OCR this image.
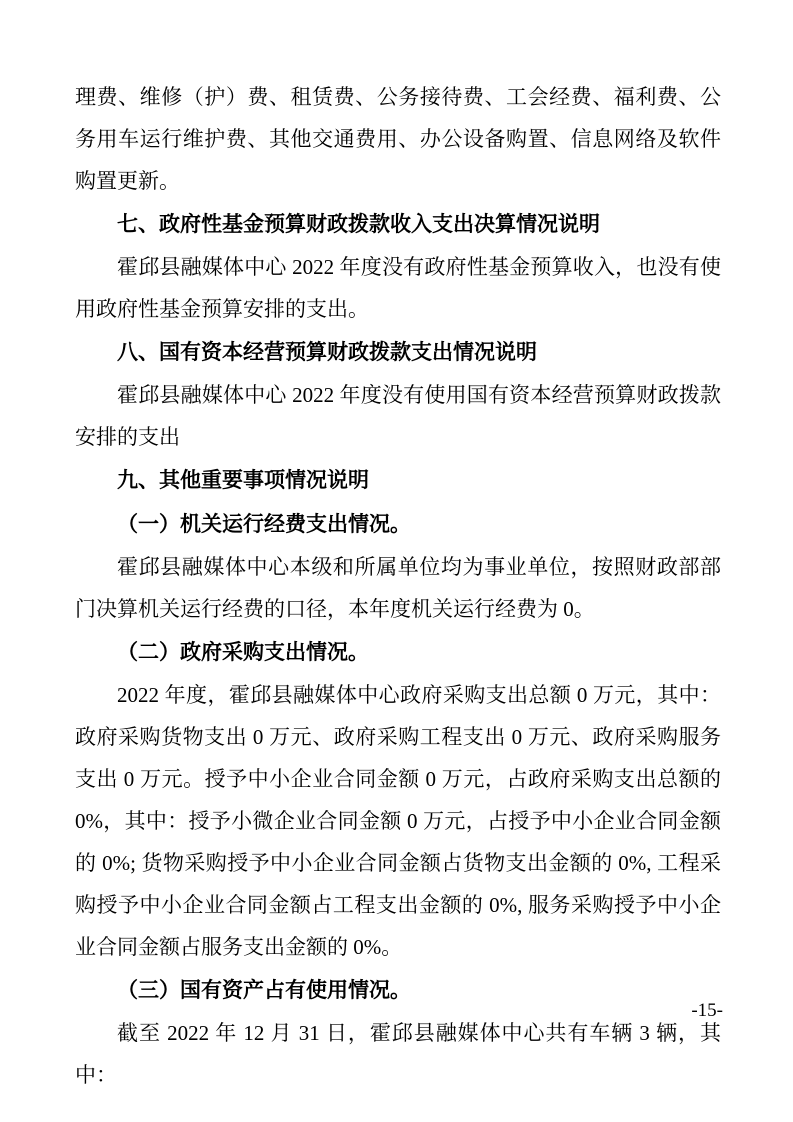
理费、维修（护）费、租赁费、公务接待费、工会经费、福利费、公务用车运行维护费、其他交通费用、办公设备购置、信息网络及软件购置更新。

七、政府性基金预算财政拨款收入支出决算情况说明

霍邱县融媒体中心 2022 年度没有政府性基金预算收入，也没有使用政府性基金预算安排的支出。

八、国有资本经营预算财政拨款支出情况说明

霍邱县融媒体中心 2022 年度没有使用国有资本经营预算财政拨款安排的支出

九、其他重要事项情况说明
（一）机关运行经费支出情况。

霍邱县融媒体中心本级和所属单位均为事业单位，按照财政部部门决算机关运行经费的口径，本年度机关运行经费为 0。

（二）政府采购支出情况。

2022 年度，霍邱县融媒体中心政府采购支出总额 0 万元，其中：政府采购货物支出 0 万元、政府采购工程支出 0 万元、政府采购服务支出 0 万元。授予中小企业合同金额 0 万元，占政府采购支出总额的 0%，其中：授予小微企业合同金额 0 万元，占授予中小企业合同金额的 0%; 货物采购授予中小企业合同金额占货物支出金额的 0%, 工程采购授予中小企业合同金额占工程支出金额的 0%, 服务采购授予中小企业合同金额占服务支出金额的 0%。

（三）国有资产占有使用情况。

截至 2022 年 12 月 31 日，霍邱县融媒体中心共有车辆 3 辆，其中：

-15-
